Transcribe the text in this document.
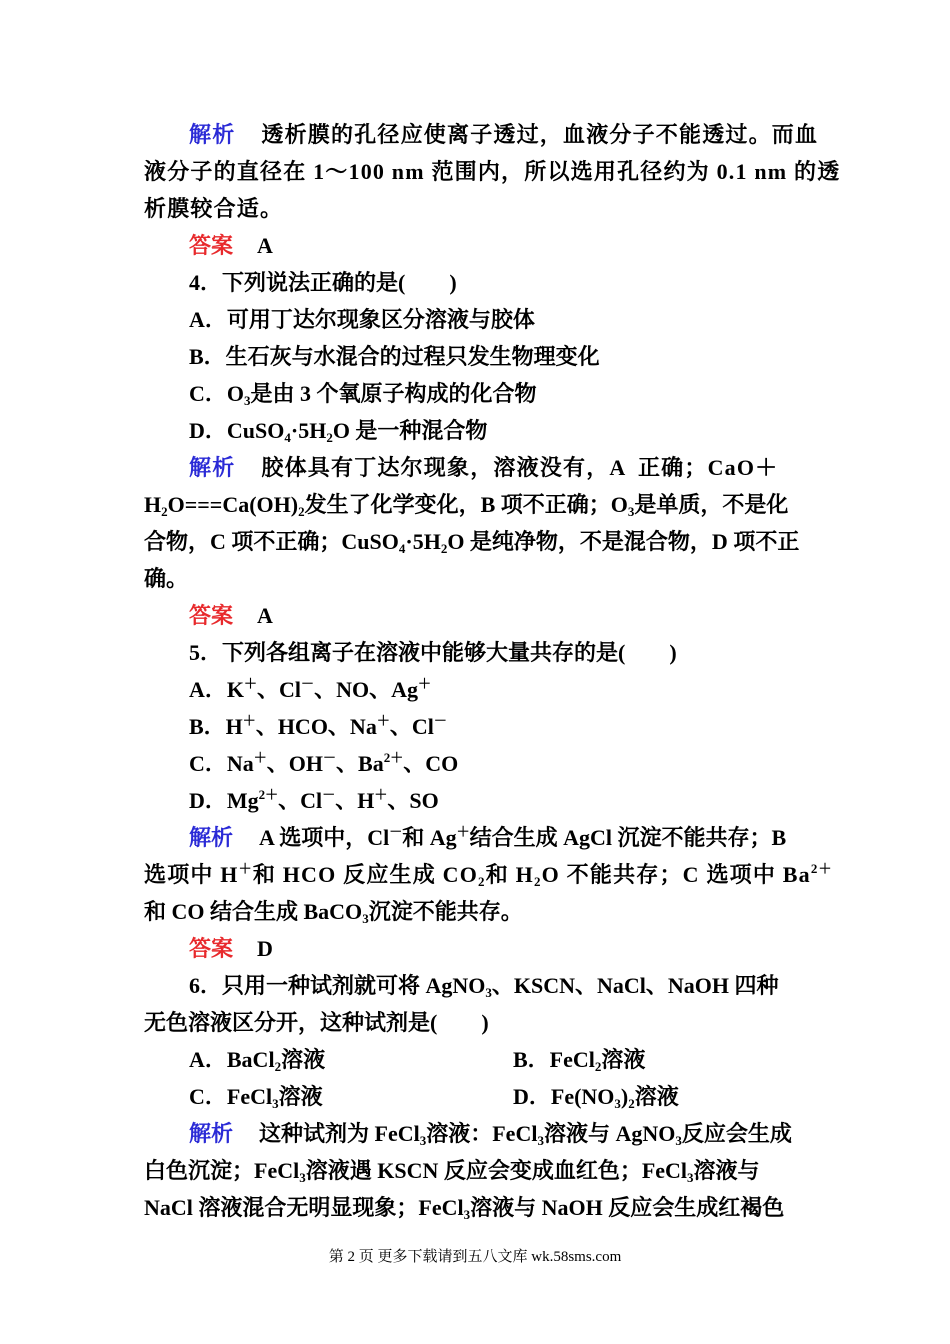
解析 透析膜的孔径应使离子透过，血液分子不能透过。而血
液分子的直径在 1～100 nm 范围内，所以选用孔径约为 0.1 nm 的透
析膜较合适。
答案 A
4．下列说法正确的是(　　)
A．可用丁达尔现象区分溶液与胶体
B．生石灰与水混合的过程只发生物理变化
C．$O_3$是由 3 个氧原子构成的化合物
D．$CuSO_4\cdot 5H_2O$ 是一种混合物
解析 胶体具有丁达尔现象，溶液没有，A 正确；CaO＋
$H_2O===Ca(OH)_2$发生了化学变化，B 项不正确；$O_3$是单质，不是化
合物，C 项不正确；$CuSO_4\cdot 5H_2O$ 是纯净物，不是混合物，D 项不正
确。
答案 A
5．下列各组离子在溶液中能够大量共存的是(　　)
A．K＋、Cl－、NO、Ag＋
B．H＋、HCO、Na＋、Cl－
C．Na＋、OH－、$Ba^{2+}$、CO
D．$Mg^{2+}$、Cl－、H＋、SO
解析 A 选项中，Cl－和 Ag＋结合生成 AgCl 沉淀不能共存；B
选项中 H＋和 HCO 反应生成 $CO_2$和 $H_2O$ 不能共存；C 选项中 $Ba^{2+}$
和 CO 结合生成 BaCO$_3$沉淀不能共存。
答案 D
6．只用一种试剂就可将 AgNO$_3$、KSCN、NaCl、NaOH 四种
无色溶液区分开，这种试剂是(　　)
A．BaCl$_2$溶液	B．FeCl$_2$溶液
C．FeCl$_3$溶液	D．$Fe(NO_3)_2$溶液
解析 这种试剂为 FeCl$_3$溶液：FeCl$_3$溶液与 AgNO$_3$反应会生成
白色沉淀；FeCl$_3$溶液遇 KSCN 反应会变成血红色；FeCl$_3$溶液与
NaCl 溶液混合无明显现象；FeCl$_3$溶液与 NaOH 反应会生成红褐色
第 2 页 更多下载请到五八文库 wk.58sms.com
